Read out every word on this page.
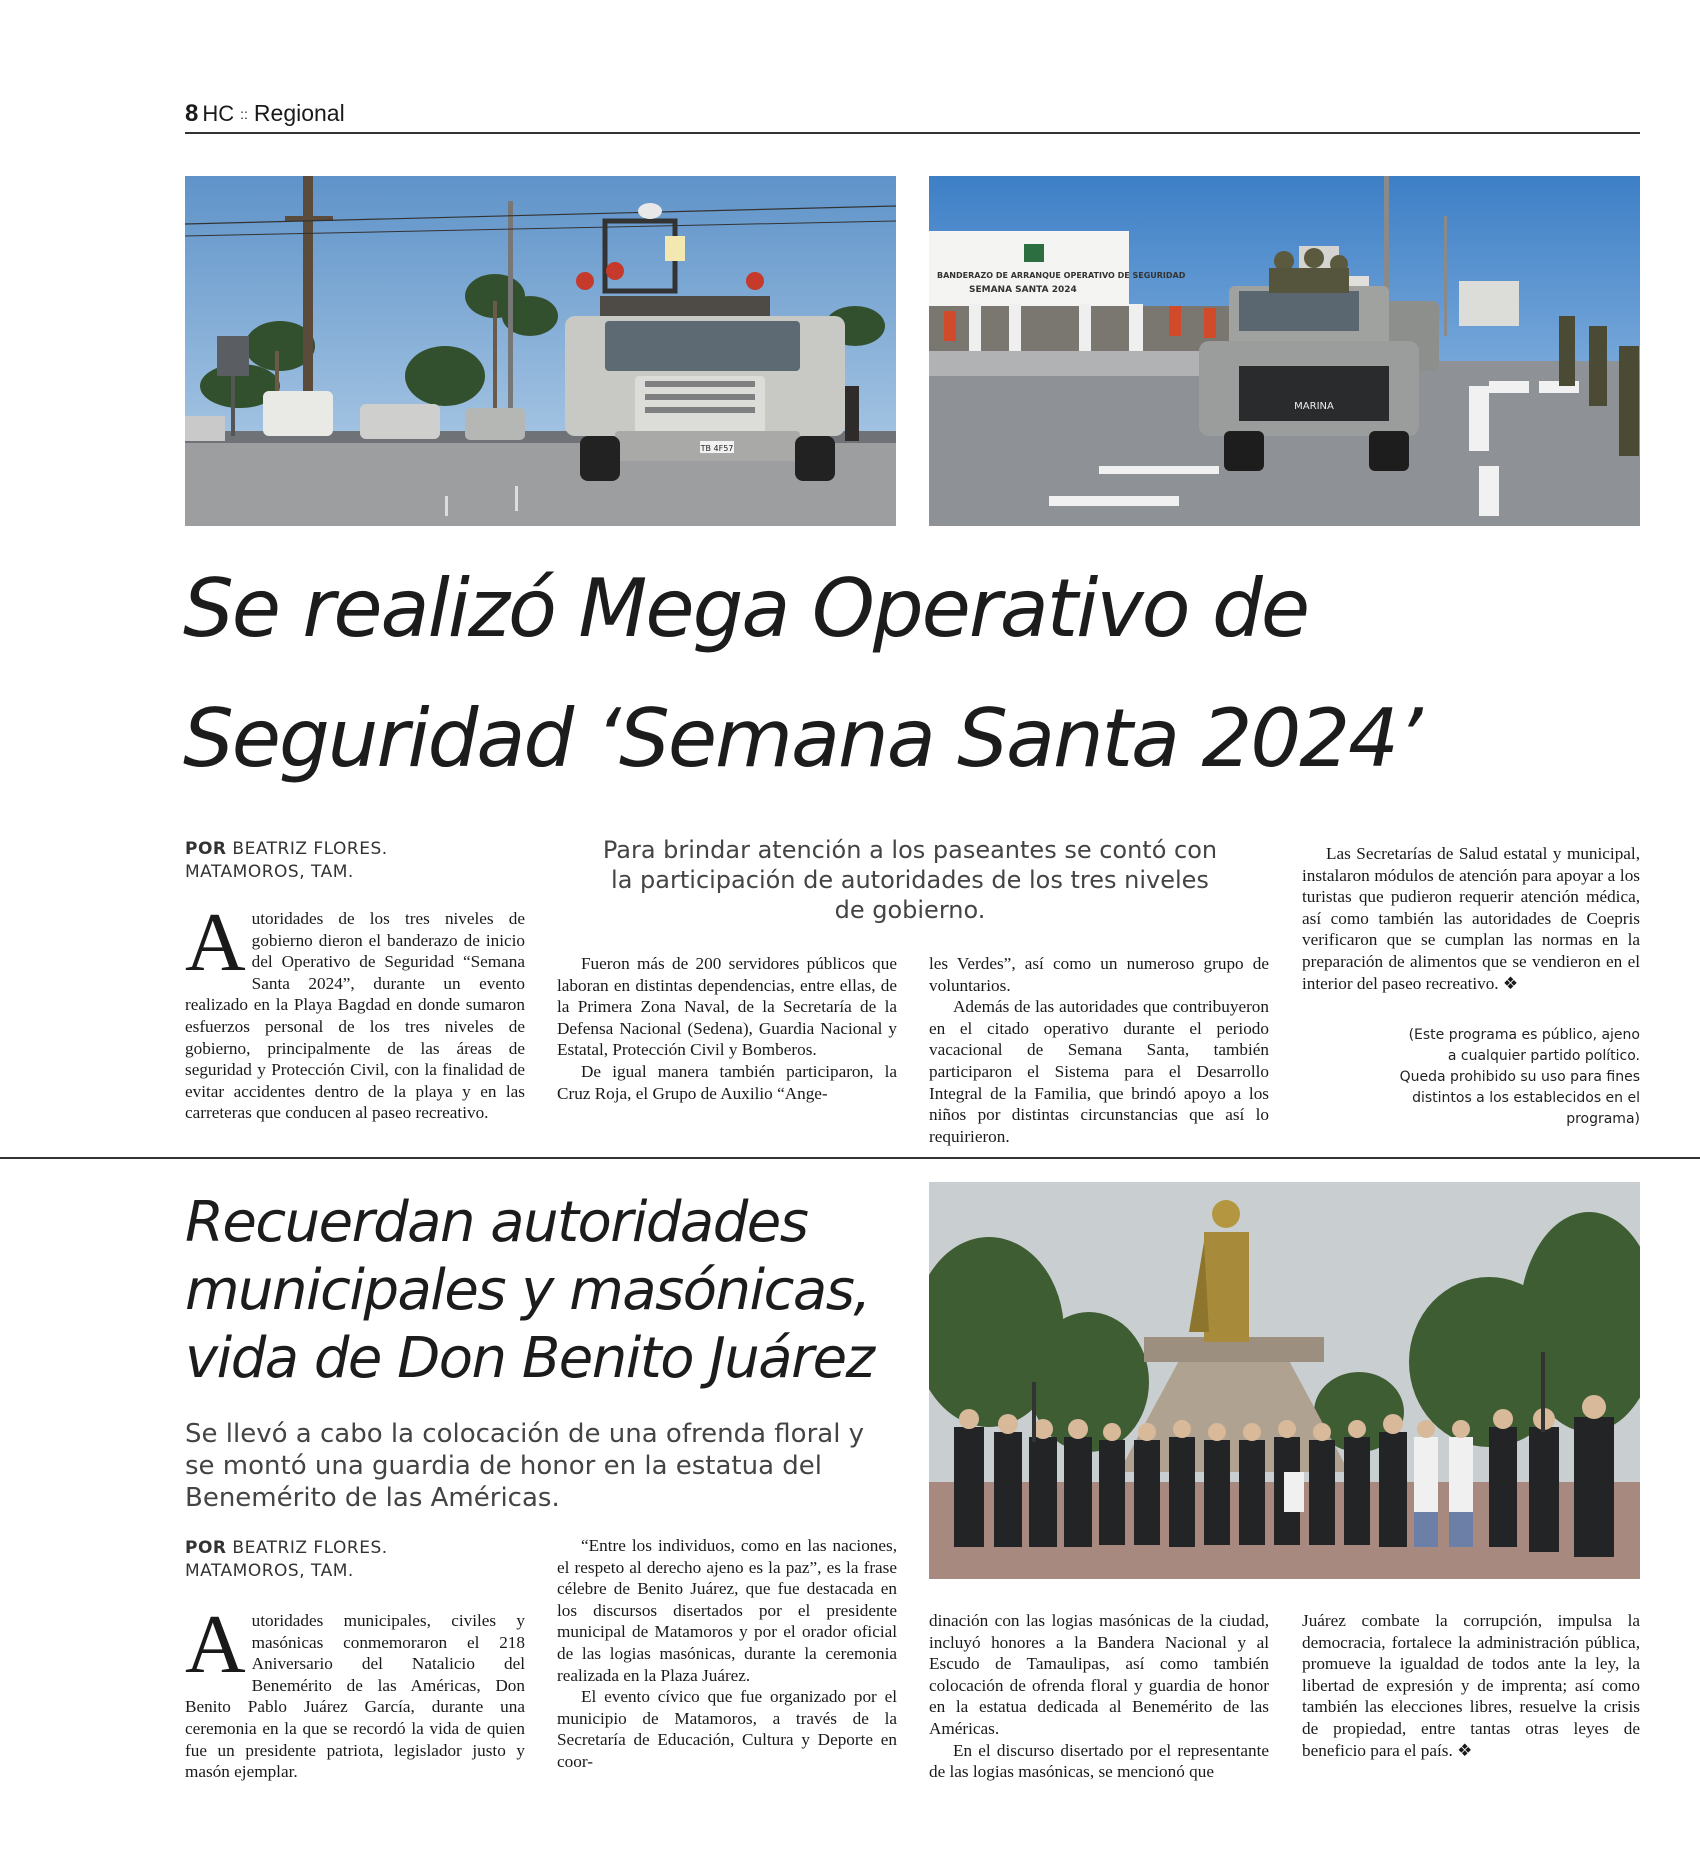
8 HC :: Regional
TB 4F57
BANDERAZO DE ARRANQUE OPERATIVO DE SEGURIDAD
SEMANA SANTA 2024
MARINA
Se realizó Mega Operativo de
Seguridad ‘Semana Santa 2024’
POR BEATRIZ FLORES.
MATAMOROS, TAM.
Para brindar atención a los paseantes se contó con la participación de autoridades de los tres niveles de gobierno.

Autoridades de los tres niveles de gobierno dieron el banderazo de inicio del Operativo de Seguridad “Semana Santa 2024”, durante un evento realizado en la Playa Bagdad en donde sumaron esfuerzos personal de los tres niveles de gobierno, principalmente de las áreas de seguridad y Protección Civil, con la finalidad de evitar accidentes dentro de la playa y en las carreteras que conducen al paseo recreativo.

Fueron más de 200 servidores públicos que laboran en distintas dependencias, entre ellas, de la Primera Zona Naval, de la Secretaría de la Defensa Nacional (Sedena), Guardia Nacional y Estatal, Protección Civil y Bomberos.

De igual manera también participaron, la Cruz Roja, el Grupo de Auxilio “Ange-

les Verdes”, así como un numeroso grupo de voluntarios.

Además de las autoridades que contribuyeron en el citado operativo durante el periodo vacacional de Semana Santa, también participaron el Sistema para el Desarrollo Integral de la Familia, que brindó apoyo a los niños por distintas circunstancias que así lo requirieron.

Las Secretarías de Salud estatal y municipal, instalaron módulos de atención para apoyar a los turistas que pudieron requerir atención médica, así como también las autoridades de Coepris verificaron que se cumplan las normas en la preparación de alimentos que se vendieron en el interior del paseo recreativo. ❖

(Este programa es público, ajeno
a cualquier partido político.
Queda prohibido su uso para fines
distintos a los establecidos en el
programa)
Recuerdan autoridades
municipales y masónicas,
vida de Don Benito Juárez
Se llevó a cabo la colocación de una ofrenda floral y se montó una guardia de honor en la estatua del Benemérito de las Américas.
POR BEATRIZ FLORES.
MATAMOROS, TAM.

Autoridades municipales, civiles y masónicas conmemoraron el 218 Aniversario del Natalicio del Benemérito de las Américas, Don Benito Pablo Juárez García, durante una ceremonia en la que se recordó la vida de quien fue un presidente patriota, legislador justo y masón ejemplar.

“Entre los individuos, como en las naciones, el respeto al derecho ajeno es la paz”, es la frase célebre de Benito Juárez, que fue destacada en los discursos disertados por el presidente municipal de Matamoros y por el orador oficial de las logias masónicas, durante la ceremonia realizada en la Plaza Juárez.

El evento cívico que fue organizado por el municipio de Matamoros, a través de la Secretaría de Educación, Cultura y Deporte en coor-

dinación con las logias masónicas de la ciudad, incluyó honores a la Bandera Nacional y al Escudo de Tamaulipas, así como también colocación de ofrenda floral y guardia de honor en la estatua dedicada al Benemérito de las Américas.

En el discurso disertado por el representante de las logias masónicas, se mencionó que

Juárez combate la corrupción, impulsa la democracia, fortalece la administración pública, promueve la igualdad de todos ante la ley, la libertad de expresión y de imprenta; así como también las elecciones libres, resuelve la crisis de propiedad, entre tantas otras leyes de beneficio para el país. ❖
